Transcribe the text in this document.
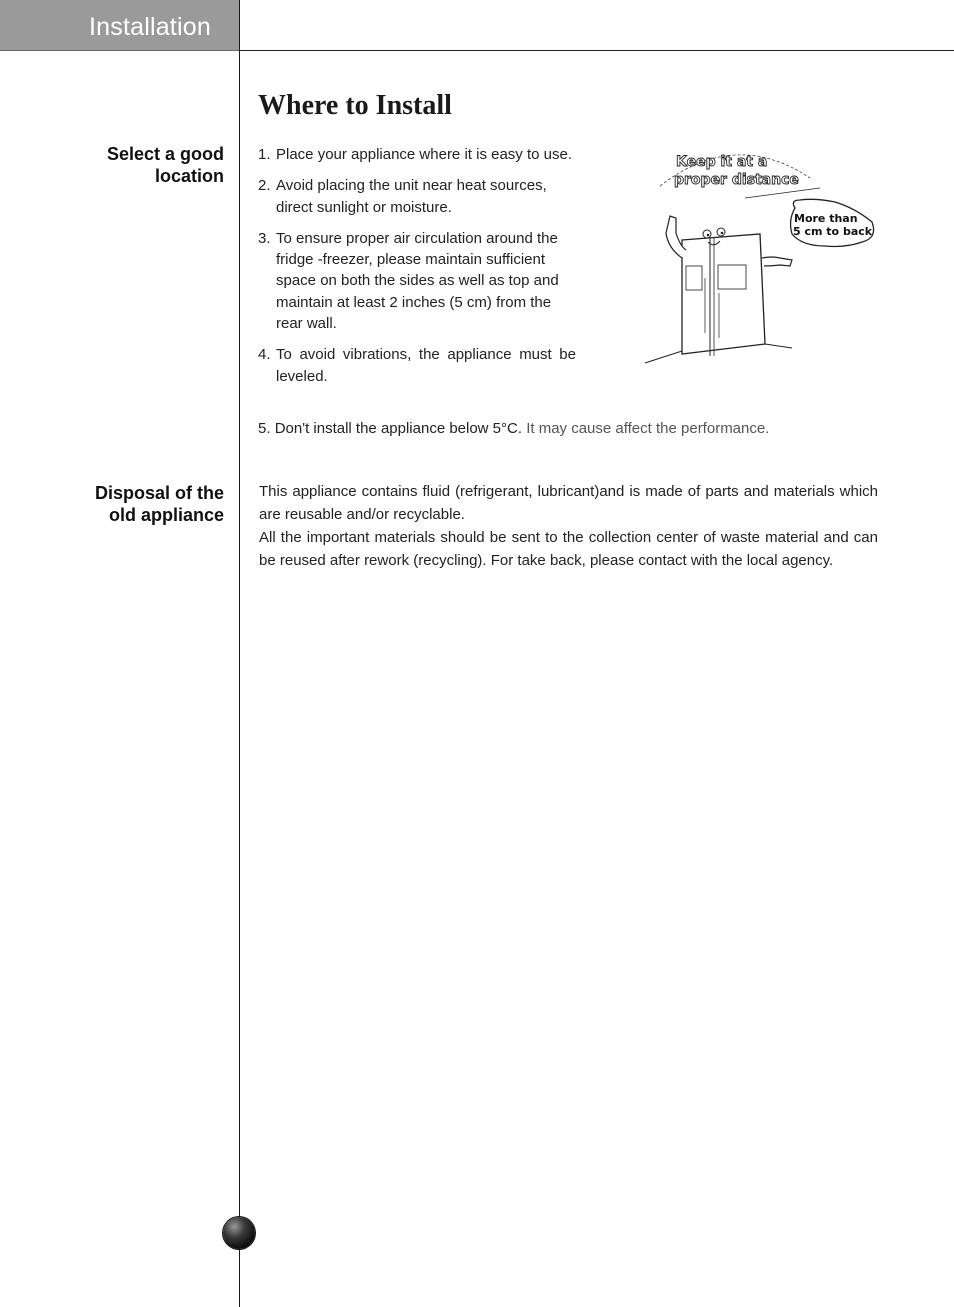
Installation
Where to Install
Select a good
location
1. Place your appliance where it is easy to use.
2. Avoid placing the unit near heat sources, direct sunlight or moisture.
3. To ensure proper air circulation around the fridge -freezer, please maintain sufficient space on both the sides as well as top and maintain at least 2 inches (5 cm) from the rear wall.
4. To avoid vibrations, the appliance must be leveled.
5. Don't install the appliance below 5°C. It may cause affect the performance.
Keep it at a
proper distance
More than
5 cm to back
Disposal of the
old appliance

This appliance contains fluid (refrigerant, lubricant)and is made of parts and materials which are reusable and/or recyclable.

All the important materials should be sent to the collection center of waste material and can be reused after rework (recycling). For take back, please contact with the local agency.
